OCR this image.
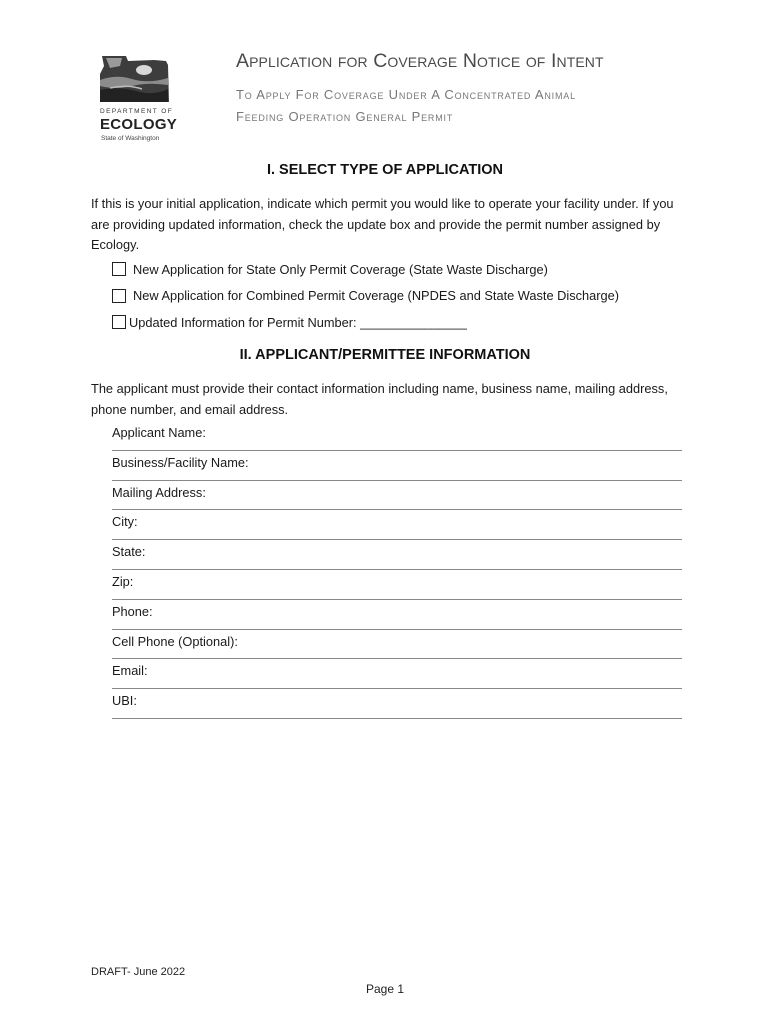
DEPARTMENT OF
ECOLOGY
State of Washington
Application for Coverage Notice of Intent
To Apply For Coverage Under A Concentrated Animal
Feeding Operation General Permit
I. SELECT TYPE OF APPLICATION

If this is your initial application, indicate which permit you would like to operate your facility under. If you are providing updated information, check the update box and provide the permit number assigned by Ecology.

New Application for State Only Permit Coverage (State Waste Discharge)
New Application for Combined Permit Coverage (NPDES and State Waste Discharge)
Updated Information for Permit Number: _______________
II. APPLICANT/PERMITTEE INFORMATION

The applicant must provide their contact information including name, business name, mailing address, phone number, and email address.

Applicant Name:
Business/Facility Name:
Mailing Address:
City:
State:
Zip:
Phone:
Cell Phone (Optional):
Email:
UBI:
DRAFT- June 2022
Page 1
